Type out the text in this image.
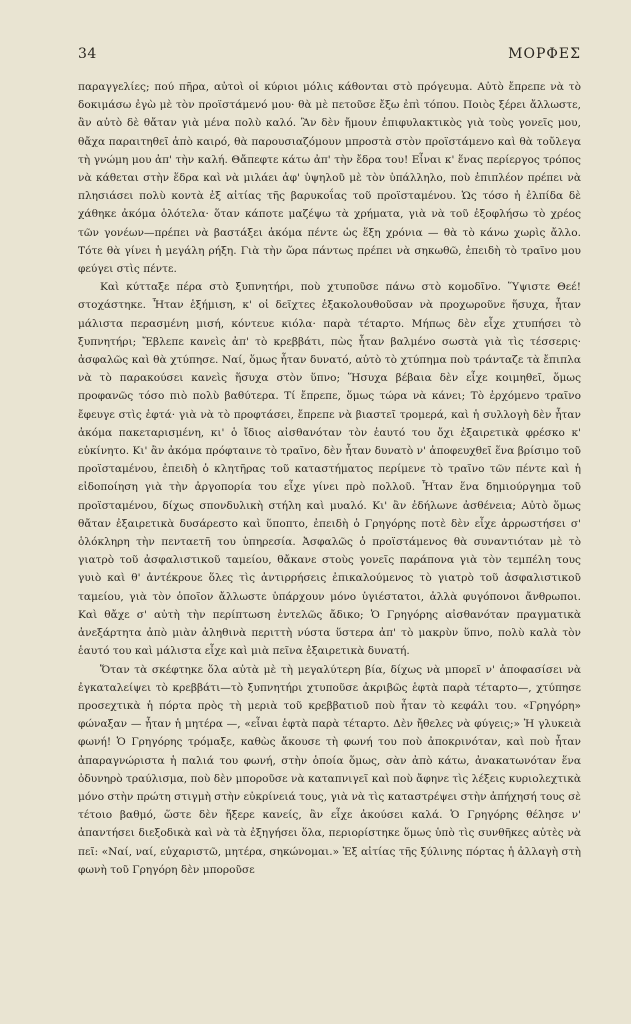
34	ΜΟΡΦΕΣ

παραγγελίες; πού πῆρα, αὐτοὶ οἱ κύριοι μόλις κάθονται στὸ πρόγευμα. Αὐτὸ ἔπρεπε νὰ τὸ δοκιμάσω ἐγὼ μὲ τὸν προϊστάμενό μου· θὰ μὲ πετοῦσε ἔξω ἐπὶ τόπου. Ποιὸς ξέρει ἄλλωστε, ἂν αὐτὸ δὲ θἄταν γιὰ μένα πολὺ καλό. Ἂν δὲν ἤμουν ἐπιφυλακτικὸς γιὰ τοὺς γονεῖς μου, θἄχα παραιτηθεῖ ἀπὸ καιρό, θὰ παρουσιαζόμουν μπροστὰ στὸν προϊστάμενο καὶ θὰ τοὔλεγα τὴ γνώμη μου ἀπ' τὴν καλή. Θἄπεφτε κάτω ἀπ' τὴν ἔδρα του! Εἶναι κ' ἕνας περίεργος τρόπος νὰ κάθεται στὴν ἕδρα καὶ νὰ μιλάει ἀφ' ὑψηλοῦ μὲ τὸν ὑπάλληλο, ποὺ ἐπιπλέον πρέπει νὰ πλησιάσει πολὺ κοντὰ ἐξ αἰτίας τῆς βαρυκοΐας τοῦ προϊσταμένου. Ὡς τόσο ἡ ἐλπίδα δὲ χάθηκε ἀκόμα ὁλότελα· ὅταν κάποτε μαζέψω τὰ χρήματα, γιὰ νὰ τοῦ ἐξοφλήσω τὸ χρέος τῶν γονέων—πρέπει νὰ βαστάξει ἀκόμα πέντε ὡς ἕξη χρόνια — θὰ τὸ κάνω χωρὶς ἄλλο. Τότε θὰ γίνει ἡ μεγάλη ρήξη. Γιὰ τὴν ὥρα πάντως πρέπει νὰ σηκωθῶ, ἐπειδὴ τὸ τραῖνο μου φεύγει στὶς πέντε.

Καὶ κύτταξε πέρα στὸ ξυπνητήρι, ποὺ χτυποῦσε πάνω στὸ κομοδῖνο. Ὕψιστε Θεέ! στοχάστηκε. Ἦταν ἑξήμιση, κ' οἱ δεῖχτες ἐξακολουθοῦσαν νὰ προχωροῦνε ἥσυχα, ἦταν μάλιστα περασμένη μισή, κόντευε κιόλα· παρὰ τέταρτο. Μήπως δὲν εἶχε χτυπήσει τὸ ξυπνητήρι; Ἔβλεπε κανεὶς ἀπ' τὸ κρεββάτι, πὼς ἦταν βαλμένο σωστὰ γιὰ τὶς τέσσερις· ἀσφαλῶς καὶ θὰ χτύπησε. Ναί, ὅμως ἦταν δυνατό, αὐτὸ τὸ χτύπημα ποὺ τράνταζε τὰ ἔπιπλα νὰ τὸ παρακούσει κανεὶς ἥσυχα στὸν ὕπνο; Ἥσυχα βέβαια δὲν εἶχε κοιμηθεῖ, ὅμως προφανῶς τόσο πιὸ πολὺ βαθύτερα. Τί ἔπρεπε, ὅμως τώρα νὰ κάνει; Τὸ ἐρχόμενο τραῖνο ἔφευγε στὶς ἑφτά· γιὰ νὰ τὸ προφτάσει, ἔπρεπε νὰ βιαστεῖ τρομερά, καὶ ἡ συλλογὴ δὲν ἦταν ἀκόμα πακεταρισμένη, κι' ὁ ἴδιος αἰσθανόταν τὸν ἑαυτό του ὄχι ἐξαιρετικὰ φρέσκο κ' εὐκίνητο. Κι' ἂν ἀκόμα πρόφταινε τὸ τραῖνο, δὲν ἦταν δυνατὸ ν' ἀποφευχθεῖ ἕνα βρίσιμο τοῦ προϊσταμένου, ἐπειδὴ ὁ κλητῆρας τοῦ καταστήματος περίμενε τὸ τραῖνο τῶν πέντε καὶ ἡ εἰδοποίηση γιὰ τὴν ἀργοπορία του εἶχε γίνει πρὸ πολλοῦ. Ἦταν ἕνα δημιούργημα τοῦ προϊσταμένου, δίχως σπονδυλικὴ στήλη καὶ μυαλό. Κι' ἂν ἐδήλωνε ἀσθένεια; Αὐτὸ ὅμως θἄταν ἐξαιρετικὰ δυσάρεστο καὶ ὕποπτο, ἐπειδὴ ὁ Γρηγόρης ποτὲ δὲν εἶχε ἀρρωστήσει σ' ὁλόκληρη τὴν πενταετῆ του ὑπηρεσία. Ἀσφαλῶς ὁ προϊστάμενος θὰ συναντιόταν μὲ τὸ γιατρὸ τοῦ ἀσφαλιστικοῦ ταμείου, θἄκανε στοὺς γονεῖς παράπονα γιὰ τὸν τεμπέλη τους γυιὸ καὶ θ' ἀντέκρουε ὅλες τὶς ἀντιρρήσεις ἐπικαλούμενος τὸ γιατρὸ τοῦ ἀσφαλιστικοῦ ταμείου, γιὰ τὸν ὁποῖον ἄλλωστε ὑπάρχουν μόνο ὑγιέστατοι, ἀλλὰ φυγόπονοι ἄνθρωποι. Καὶ θἄχε σ' αὐτὴ τὴν περίπτωση ἐντελῶς ἄδικο; Ὁ Γρηγόρης αἰσθανόταν πραγματικὰ ἀνεξάρτητα ἀπὸ μιὰν ἀληθινὰ περιττὴ νύστα ὕστερα ἀπ' τὸ μακρὺν ὕπνο, πολὺ καλὰ τὸν ἑαυτό του καὶ μάλιστα εἶχε καὶ μιὰ πεῖνα ἐξαιρετικὰ δυνατή.

Ὅταν τὰ σκέφτηκε ὅλα αὐτὰ μὲ τὴ μεγαλύτερη βία, δίχως νὰ μπορεῖ ν' ἀποφασίσει νὰ ἐγκαταλείψει τὸ κρεββάτι—τὸ ξυπνητήρι χτυποῦσε ἀκριβῶς ἑφτὰ παρὰ τέταρτο—, χτύπησε προσεχτικὰ ἡ πόρτα πρὸς τὴ μεριὰ τοῦ κρεββατιοῦ ποὺ ἦταν τὸ κεφάλι του. «Γρηγόρη» φώναξαν — ἦταν ἡ μητέρα —, «εἶναι ἑφτὰ παρὰ τέταρτο. Δὲν ἤθελες νὰ φύγεις;» Ἡ γλυκειὰ φωνή! Ὁ Γρηγόρης τρόμαξε, καθὼς ἄκουσε τὴ φωνή του ποὺ ἀποκρινόταν, καὶ ποὺ ἦταν ἀπαραγνώριστα ἡ παλιά του φωνή, στὴν ὁποία ὅμως, σὰν ἀπὸ κάτω, ἀνακατωνόταν ἕνα ὀδυνηρὸ τραύλισμα, ποὺ δὲν μποροῦσε νὰ καταπνιγεῖ καὶ ποὺ ἄφηνε τὶς λέξεις κυριολεχτικὰ μόνο στὴν πρώτη στιγμὴ στὴν εὐκρίνειά τους, γιὰ νὰ τὶς καταστρέψει στὴν ἀπήχησή τους σὲ τέτοιο βαθμό, ὥστε δὲν ἤξερε κανείς, ἂν εἶχε ἀκούσει καλά. Ὁ Γρηγόρης θέλησε ν' ἀπαντήσει διεξοδικὰ καὶ νὰ τὰ ἐξηγήσει ὅλα, περιορίστηκε ὅμως ὑπὸ τὶς συνθῆκες αὐτὲς νὰ πεῖ: «Ναί, ναί, εὐχαριστῶ, μητέρα, σηκώνομαι.» Ἐξ αἰτίας τῆς ξύλινης πόρτας ἡ ἀλλαγὴ στὴ φωνὴ τοῦ Γρηγόρη δὲν μποροῦσε
